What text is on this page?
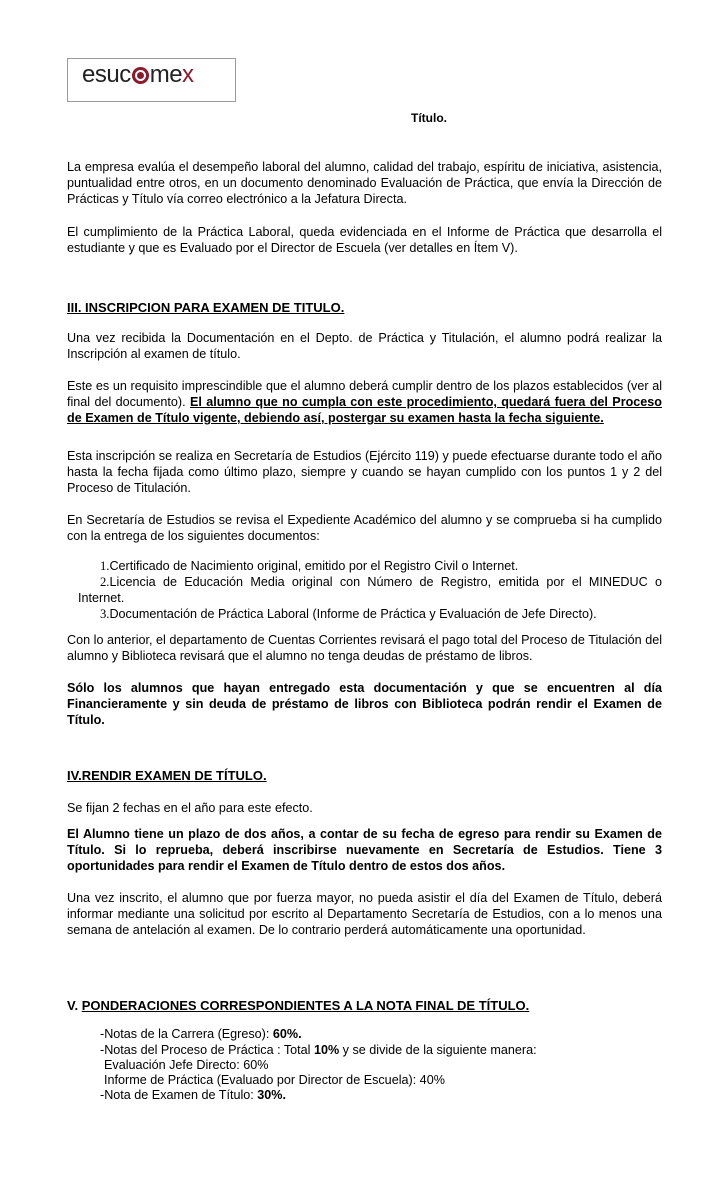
esuc mex
Título.

La empresa evalúa el desempeño laboral del alumno, calidad del trabajo, espíritu de iniciativa, asistencia, puntualidad entre otros, en un documento denominado Evaluación de Práctica, que envía la Dirección de Prácticas y Título vía correo electrónico a la Jefatura Directa.

El cumplimiento de la Práctica Laboral, queda evidenciada en el Informe de Práctica que desarrolla el estudiante y que es Evaluado por el Director de Escuela (ver detalles en Ítem V).

III. INSCRIPCION PARA EXAMEN DE TITULO.

Una vez recibida la Documentación en el Depto. de Práctica y Titulación, el alumno podrá realizar la Inscripción al examen de título.

Este es un requisito imprescindible que el alumno deberá cumplir dentro de los plazos establecidos (ver al final del documento). El alumno que no cumpla con este procedimiento, quedará fuera del Proceso de Examen de Título vigente, debiendo así, postergar su examen hasta la fecha siguiente.

Esta inscripción se realiza en Secretaría de Estudios (Ejército 119) y puede efectuarse durante todo el año hasta la fecha fijada como último plazo, siempre y cuando se hayan cumplido con los puntos 1 y 2 del Proceso de Titulación.

En Secretaría de Estudios se revisa el Expediente Académico del alumno y se comprueba si ha cumplido con la entrega de los siguientes documentos:

1.Certificado de Nacimiento original, emitido por el Registro Civil o Internet.
2.Licencia de Educación Media original con Número de Registro, emitida por el MINEDUC o
Internet.
3.Documentación de Práctica Laboral (Informe de Práctica y Evaluación de Jefe Directo).

Con lo anterior, el departamento de Cuentas Corrientes revisará el pago total del Proceso de Titulación del alumno y Biblioteca revisará que el alumno no tenga deudas de préstamo de libros.

Sólo los alumnos que hayan entregado esta documentación y que se encuentren al día Financieramente y sin deuda de préstamo de libros con Biblioteca podrán rendir el Examen de Título.

IV.RENDIR EXAMEN DE TÍTULO.

Se fijan 2 fechas en el año para este efecto.

El Alumno tiene un plazo de dos años, a contar de su fecha de egreso para rendir su Examen de Título. Si lo reprueba, deberá inscribirse nuevamente en Secretaría de Estudios. Tiene 3 oportunidades para rendir el Examen de Título dentro de estos dos años.

Una vez inscrito, el alumno que por fuerza mayor, no pueda asistir el día del Examen de Título, deberá informar mediante una solicitud por escrito al Departamento Secretaría de Estudios, con a lo menos una semana de antelación al examen. De lo contrario perderá automáticamente una oportunidad.

V. PONDERACIONES CORRESPONDIENTES A LA NOTA FINAL DE TÍTULO.
-Notas de la Carrera (Egreso): 60%.
-Notas del Proceso de Práctica : Total 10% y se divide de la siguiente manera:
Evaluación Jefe Directo: 60%
Informe de Práctica (Evaluado por Director de Escuela): 40%
-Nota de Examen de Título: 30%.
